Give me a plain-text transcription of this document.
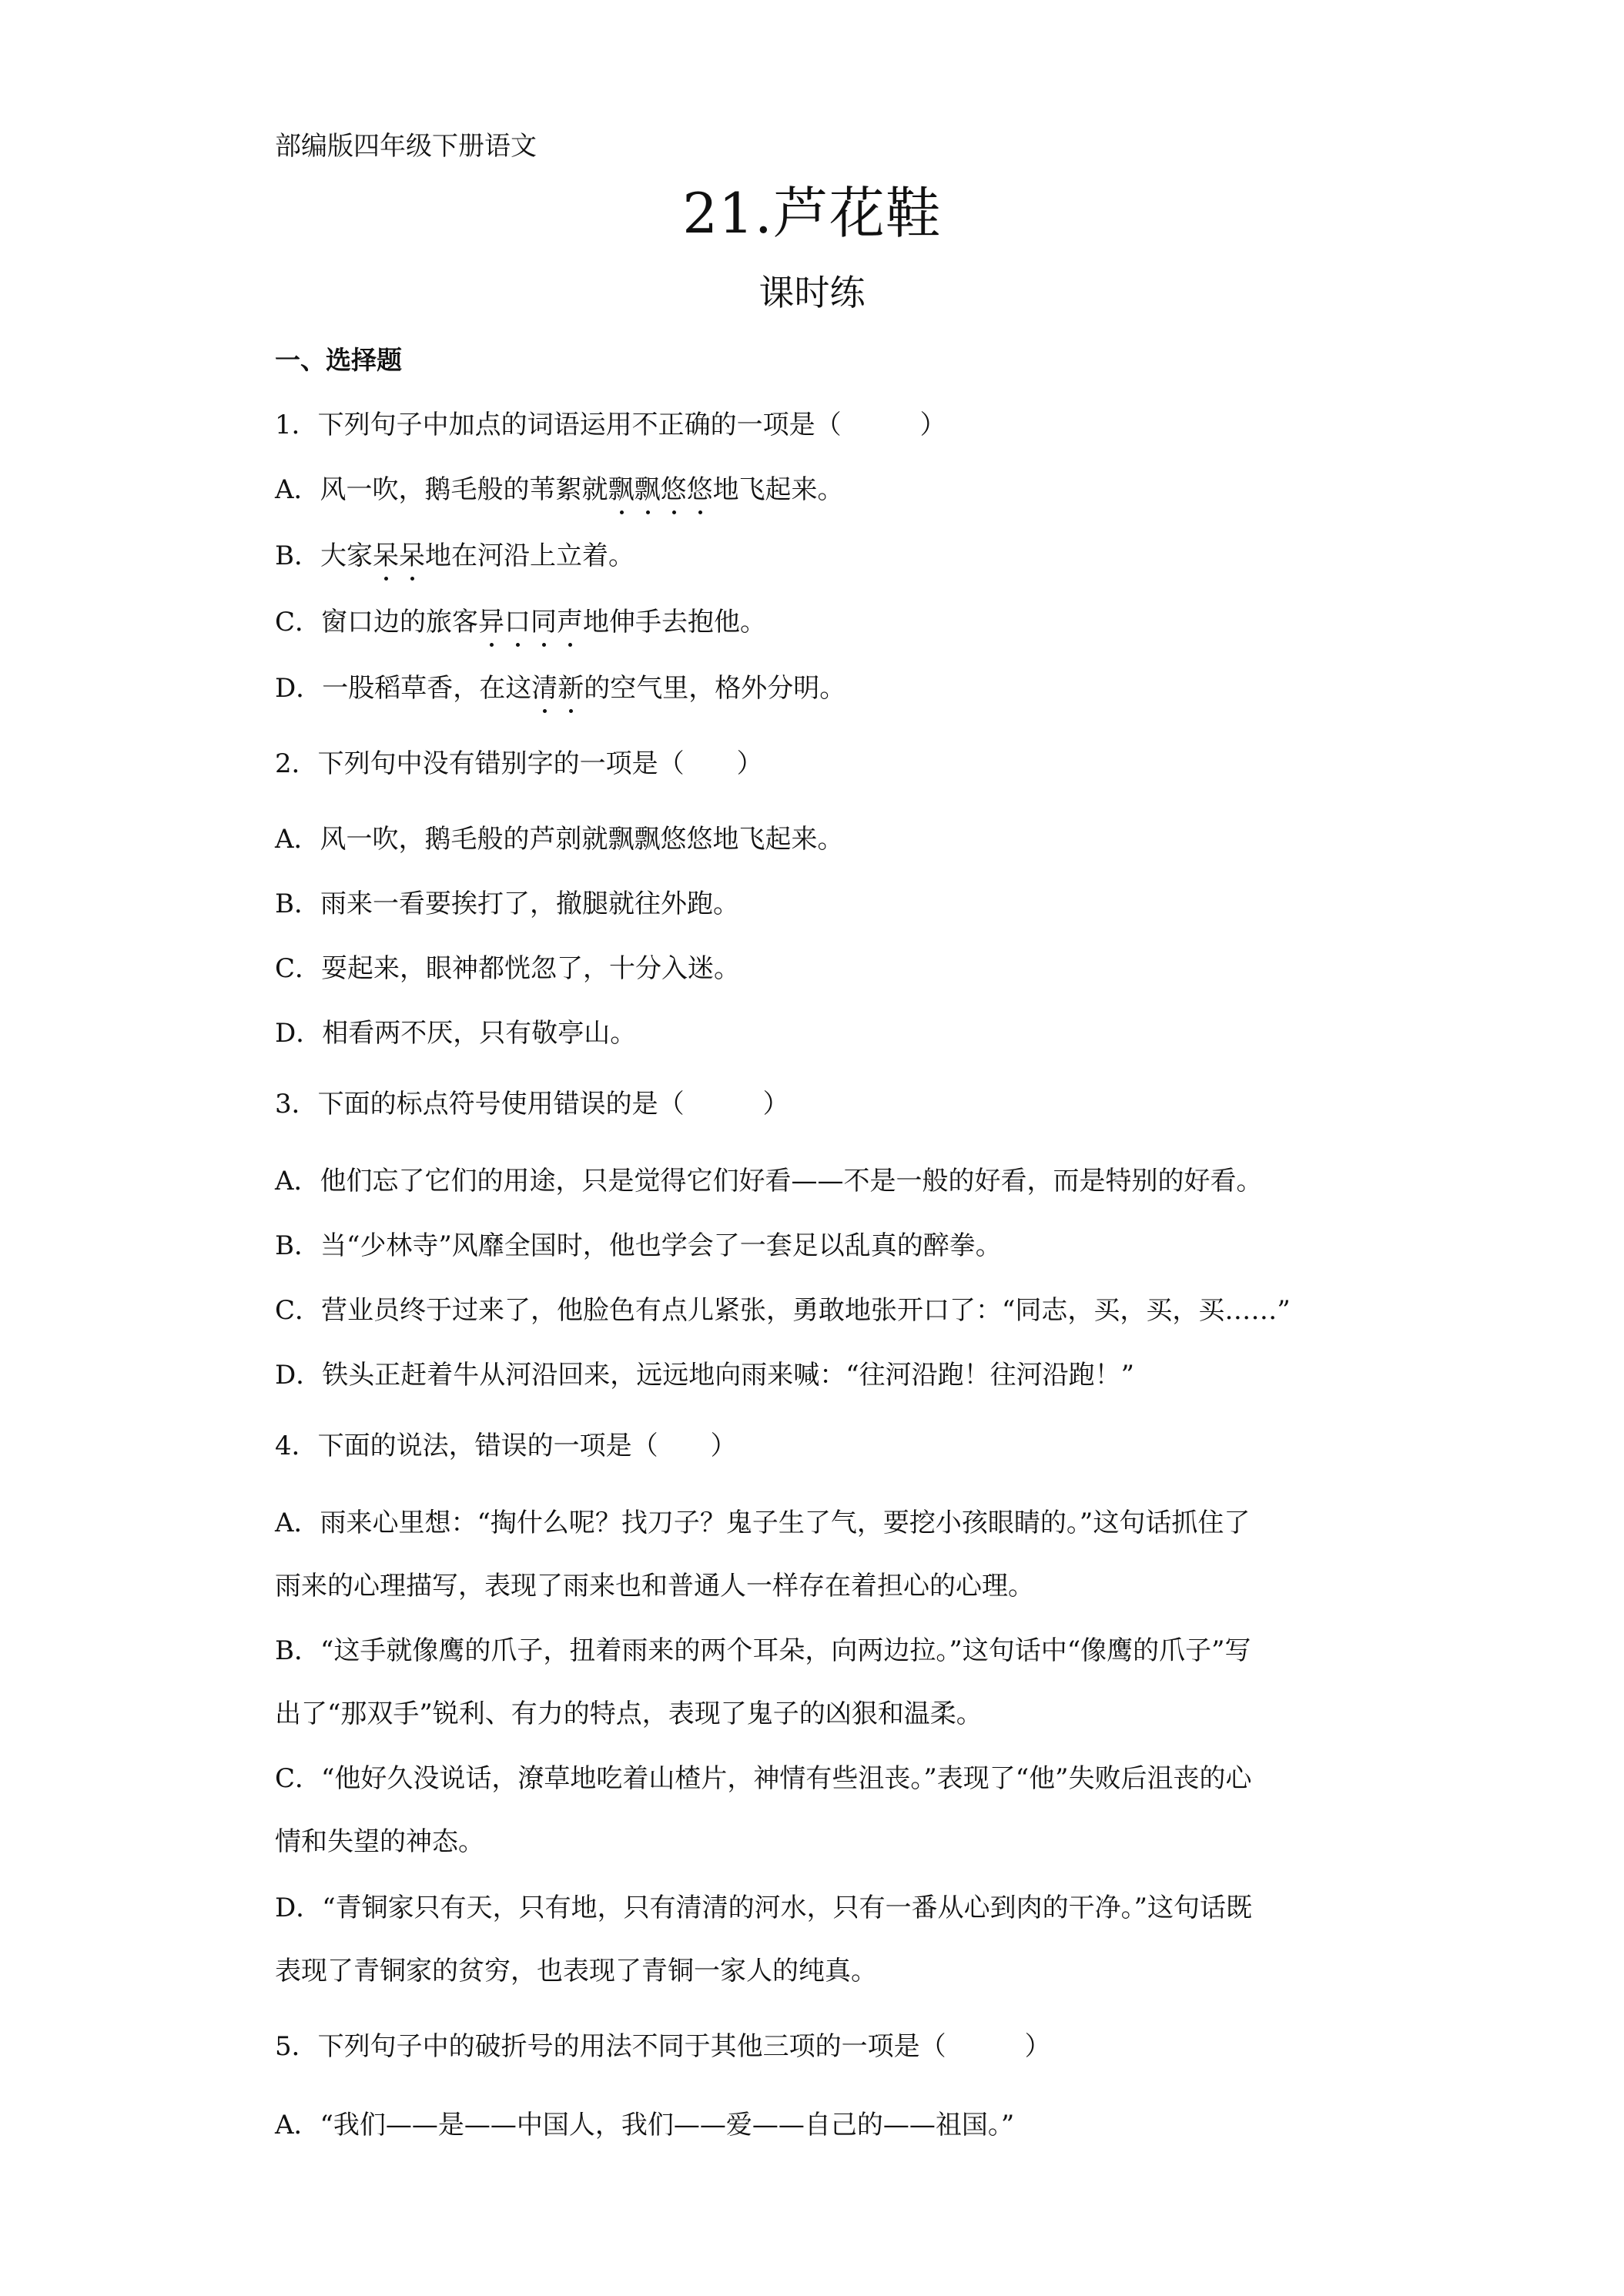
部编版四年级下册语文
21.芦花鞋
课时练
一、选择题
1．下列句子中加点的词语运用不正确的一项是（　　　）
A．风一吹，鹅毛般的苇絮就飘飘悠悠地飞起来。
B．大家呆呆地在河沿上立着。
C．窗口边的旅客异口同声地伸手去抱他。
D．一股稻草香，在这清新的空气里，格外分明。
2．下列句中没有错别字的一项是（　　）
A．风一吹，鹅毛般的芦剠就飘飘悠悠地飞起来。
B．雨来一看要挨打了，撤腿就往外跑。
C．耍起来，眼神都恍忽了，十分入迷。
D．相看两不厌，只有敬亭山。
3．下面的标点符号使用错误的是（　　　）
A．他们忘了它们的用途，只是觉得它们好看——不是一般的好看，而是特别的好看。
B．当“少林寺”风靡全国时，他也学会了一套足以乱真的醉拳。
C．营业员终于过来了，他脸色有点儿紧张，勇敢地张开口了：“同志，买，买，买……”
D．铁头正赶着牛从河沿回来，远远地向雨来喊：“往河沿跑！往河沿跑！”
4．下面的说法，错误的一项是（　　）
A．雨来心里想：“掏什么呢？找刀子？鬼子生了气，要挖小孩眼睛的。”这句话抓住了
雨来的心理描写，表现了雨来也和普通人一样存在着担心的心理。
B．“这手就像鹰的爪子，扭着雨来的两个耳朵，向两边拉。”这句话中“像鹰的爪子”写
出了“那双手”锐利、有力的特点，表现了鬼子的凶狠和温柔。
C．“他好久没说话，潦草地吃着山楂片，神情有些沮丧。”表现了“他”失败后沮丧的心
情和失望的神态。
D．“青铜家只有天，只有地，只有清清的河水，只有一番从心到肉的干净。”这句话既
表现了青铜家的贫穷，也表现了青铜一家人的纯真。
5．下列句子中的破折号的用法不同于其他三项的一项是（　　　）
A．“我们——是——中国人，我们——爱——自己的——祖国。”
